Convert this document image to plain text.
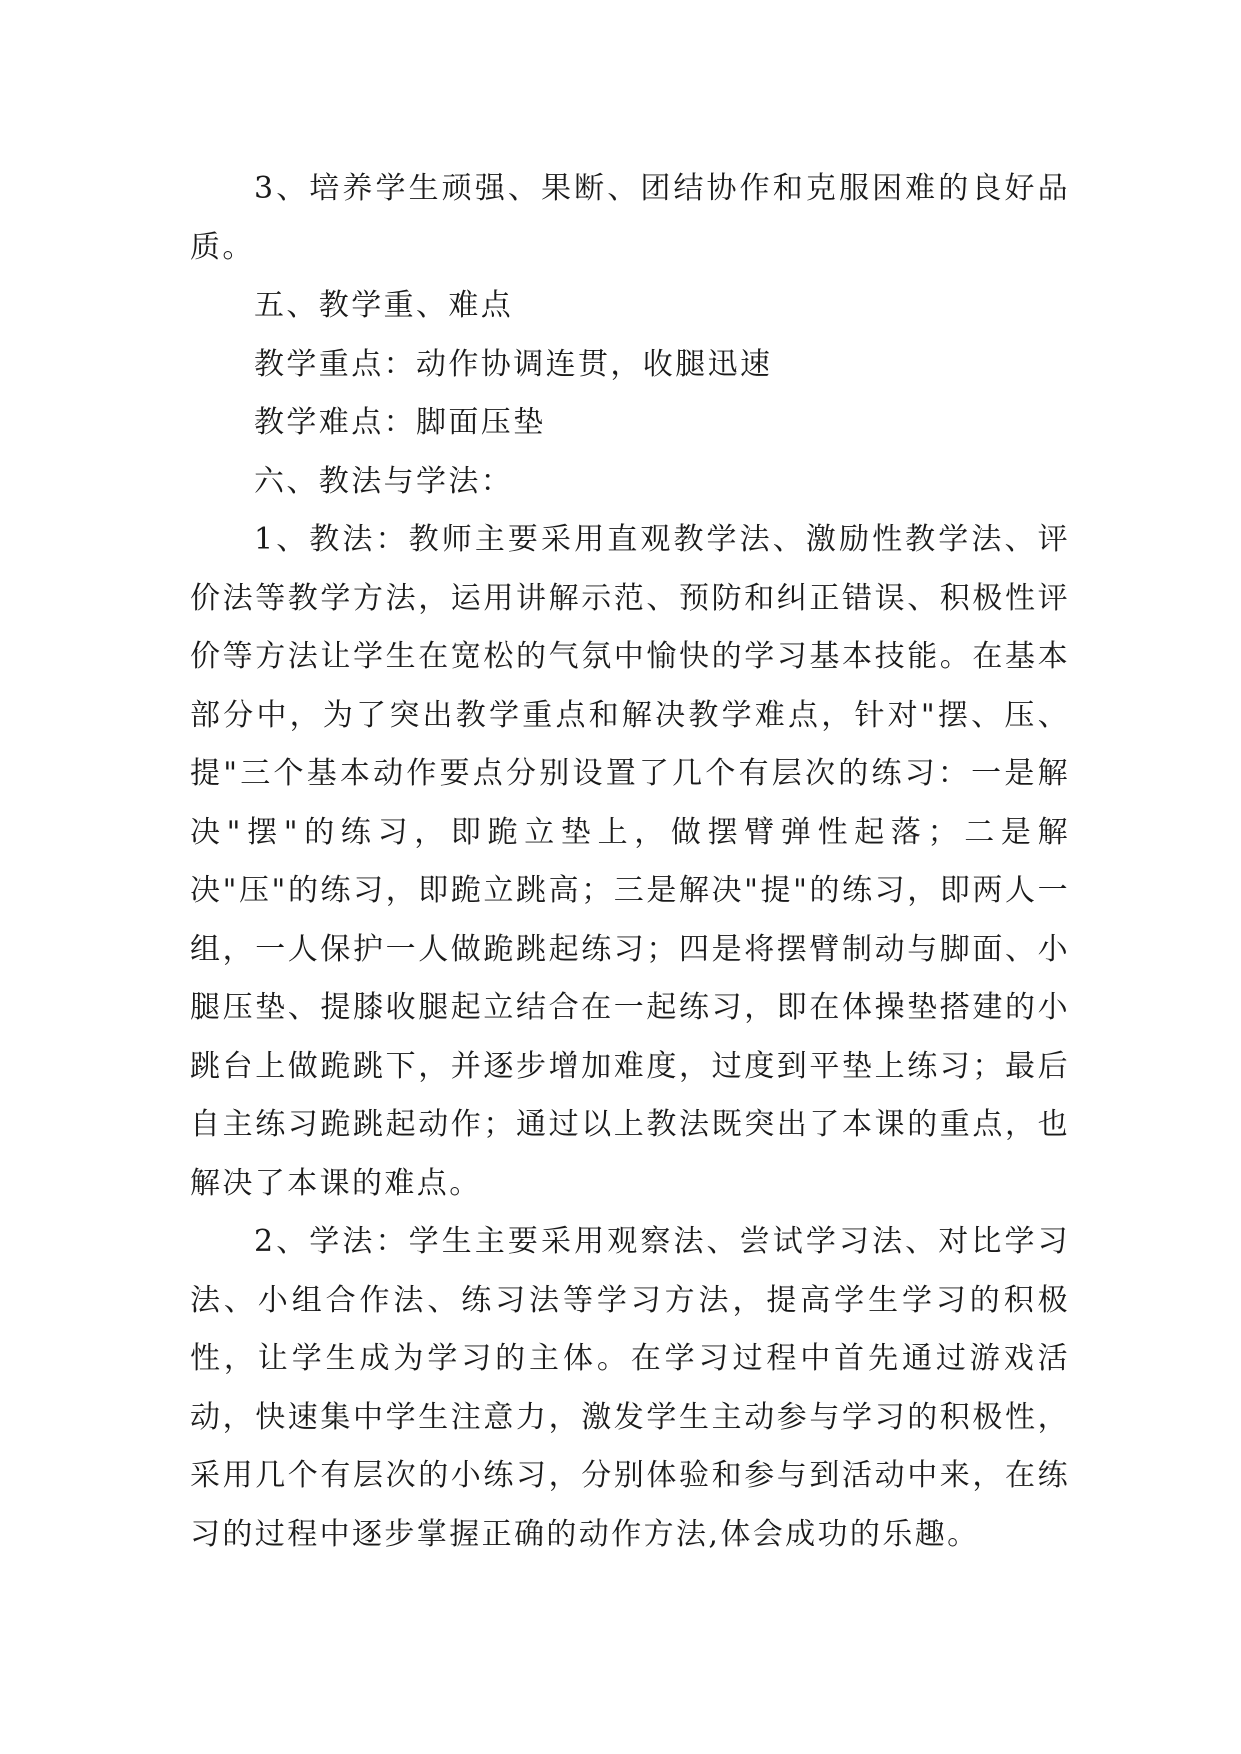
3、培养学生顽强、果断、团结协作和克服困难的良好品质。

五、教学重、难点

教学重点：动作协调连贯，收腿迅速

教学难点：脚面压垫

六、教法与学法：

1、教法：教师主要采用直观教学法、激励性教学法、评价法等教学方法，运用讲解示范、预防和纠正错误、积极性评价等方法让学生在宽松的气氛中愉快的学习基本技能。在基本部分中，为了突出教学重点和解决教学难点，针对"摆、压、提"三个基本动作要点分别设置了几个有层次的练习：一是解决"摆"的练习，即跪立垫上，做摆臂弹性起落；二是解决"压"的练习，即跪立跳高；三是解决"提"的练习，即两人一组，一人保护一人做跪跳起练习；四是将摆臂制动与脚面、小腿压垫、提膝收腿起立结合在一起练习，即在体操垫搭建的小跳台上做跪跳下，并逐步增加难度，过度到平垫上练习；最后自主练习跪跳起动作；通过以上教法既突出了本课的重点，也解决了本课的难点。

2、学法：学生主要采用观察法、尝试学习法、对比学习法、小组合作法、练习法等学习方法，提高学生学习的积极性，让学生成为学习的主体。在学习过程中首先通过游戏活动，快速集中学生注意力，激发学生主动参与学习的积极性，采用几个有层次的小练习，分别体验和参与到活动中来，在练习的过程中逐步掌握正确的动作方法,体会成功的乐趣。
